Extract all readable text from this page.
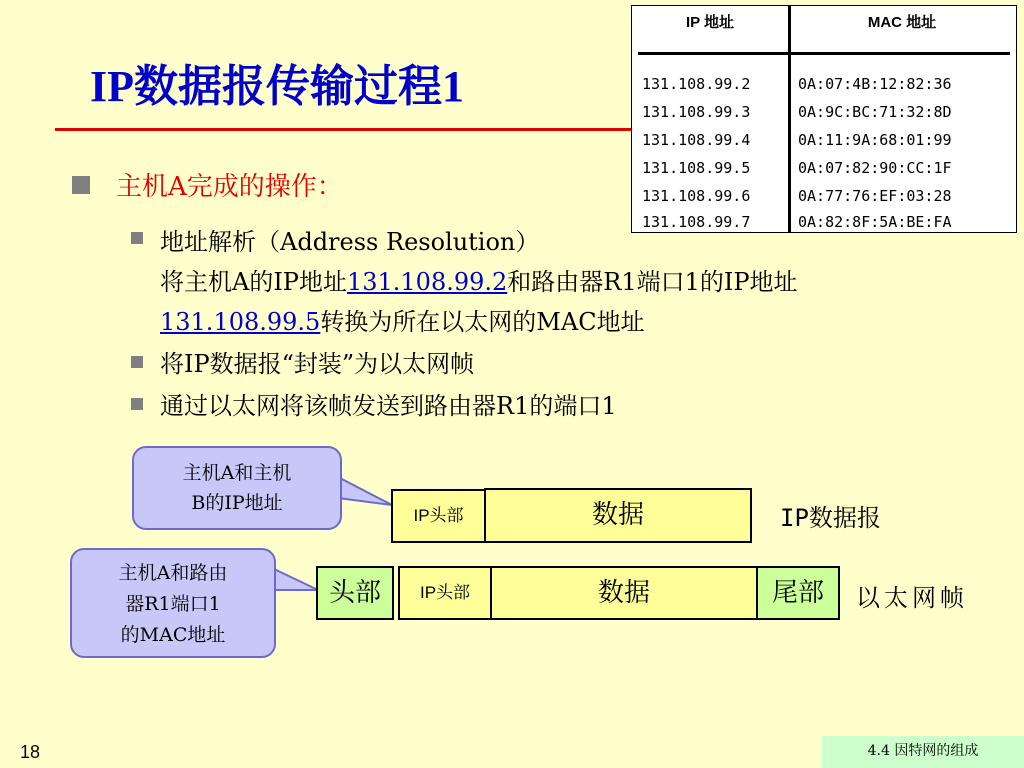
IP数据报传输过程1
IP 地址	MAC 地址
131.108.99.2	0A:07:4B:12:82:36
131.108.99.3	0A:9C:BC:71:32:8D
131.108.99.4	0A:11:9A:68:01:99
131.108.99.5	0A:07:82:90:CC:1F
131.108.99.6	0A:77:76:EF:03:28
131.108.99.7	0A:82:8F:5A:BE:FA
主机A完成的操作：
地址解析（Address Resolution）
将主机A的IP地址131.108.99.2和路由器R1端口1的IP地址
131.108.99.5转换为所在以太网的MAC地址
将IP数据报“封装”为以太网帧
通过以太网将该帧发送到路由器R1的端口1
主机A和主机
B的IP地址
主机A和路由
器R1端口1
的MAC地址
IP头部	数据	IP数据报
头部	IP头部	数据	尾部	以太网帧
18	4.4 因特网的组成
